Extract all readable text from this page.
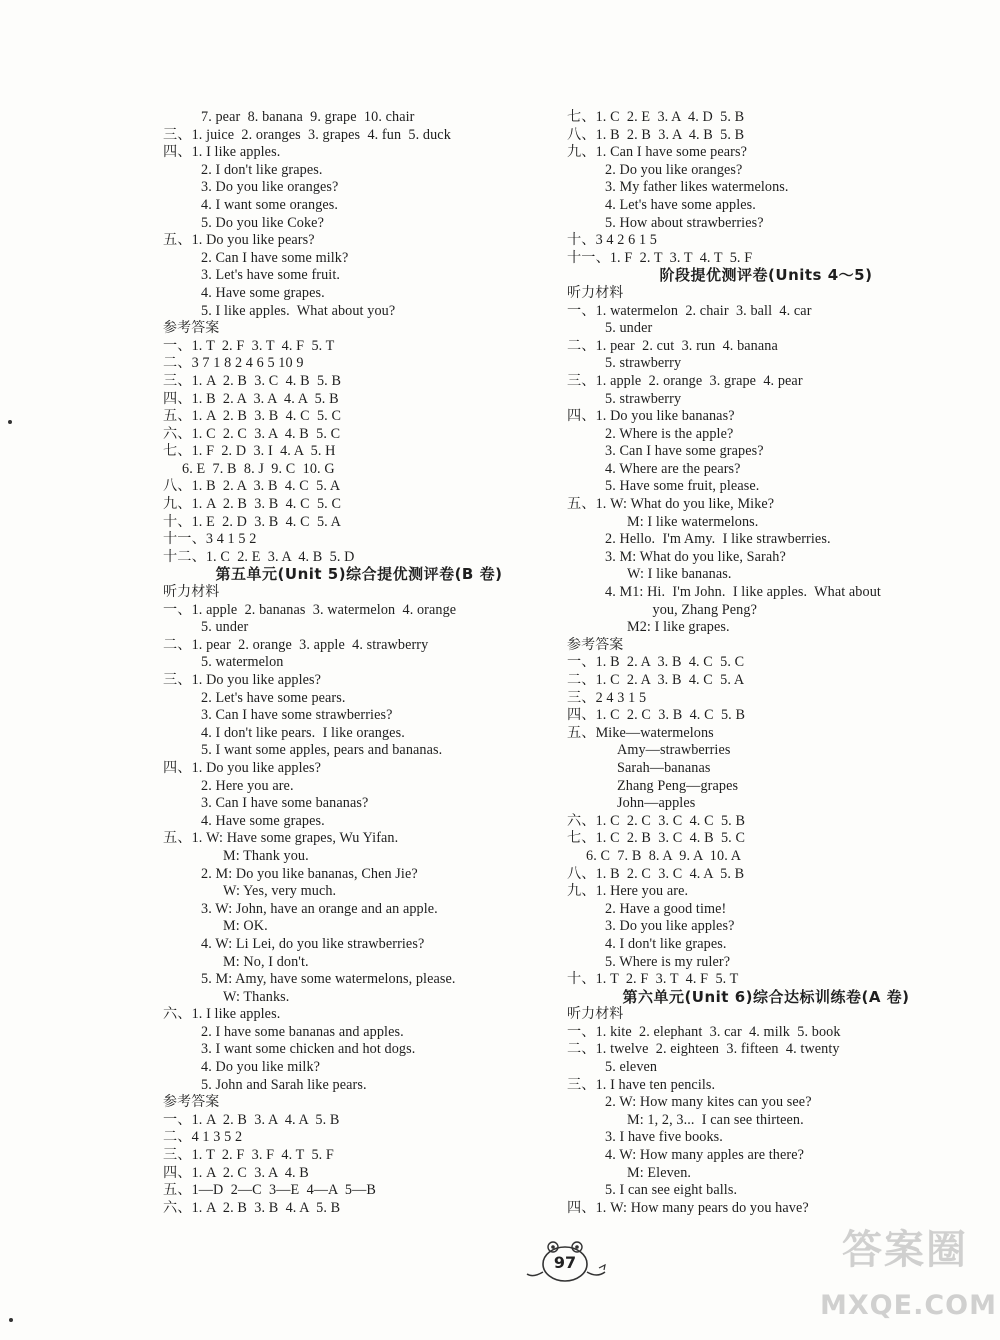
7. pear  8. banana  9. grape  10. chair
三、1. juice  2. oranges  3. grapes  4. fun  5. duck
四、1. I like apples.
2. I don't like grapes.
3. Do you like oranges?
4. I want some oranges.
5. Do you like Coke?
五、1. Do you like pears?
2. Can I have some milk?
3. Let's have some fruit.
4. Have some grapes.
5. I like apples.  What about you?
参考答案
一、1. T  2. F  3. T  4. F  5. T
二、3 7 1 8 2 4 6 5 10 9
三、1. A  2. B  3. C  4. B  5. B
四、1. B  2. A  3. A  4. A  5. B
五、1. A  2. B  3. B  4. C  5. C
六、1. C  2. C  3. A  4. B  5. C
七、1. F  2. D  3. I  4. A  5. H
6. E  7. B  8. J  9. C  10. G
八、1. B  2. A  3. B  4. C  5. A
九、1. A  2. B  3. B  4. C  5. C
十、1. E  2. D  3. B  4. C  5. A
十一、3 4 1 5 2
十二、1. C  2. E  3. A  4. B  5. D
第五单元(Unit 5)综合提优测评卷(B 卷)
听力材料
一、1. apple  2. bananas  3. watermelon  4. orange
5. under
二、1. pear  2. orange  3. apple  4. strawberry
5. watermelon
三、1. Do you like apples?
2. Let's have some pears.
3. Can I have some strawberries?
4. I don't like pears.  I like oranges.
5. I want some apples, pears and bananas.
四、1. Do you like apples?
2. Here you are.
3. Can I have some bananas?
4. Have some grapes.
五、1. W: Have some grapes, Wu Yifan.
M: Thank you.
2. M: Do you like bananas, Chen Jie?
W: Yes, very much.
3. W: John, have an orange and an apple.
M: OK.
4. W: Li Lei, do you like strawberries?
M: No, I don't.
5. M: Amy, have some watermelons, please.
W: Thanks.
六、1. I like apples.
2. I have some bananas and apples.
3. I want some chicken and hot dogs.
4. Do you like milk?
5. John and Sarah like pears.
参考答案
一、1. A  2. B  3. A  4. A  5. B
二、4 1 3 5 2
三、1. T  2. F  3. F  4. T  5. F
四、1. A  2. C  3. A  4. B
五、1—D  2—C  3—E  4—A  5—B
六、1. A  2. B  3. B  4. A  5. B
七、1. C  2. E  3. A  4. D  5. B
八、1. B  2. B  3. A  4. B  5. B
九、1. Can I have some pears?
2. Do you like oranges?
3. My father likes watermelons.
4. Let's have some apples.
5. How about strawberries?
十、3 4 2 6 1 5
十一、1. F  2. T  3. T  4. T  5. F
阶段提优测评卷(Units 4～5)
听力材料
一、1. watermelon  2. chair  3. ball  4. car
5. under
二、1. pear  2. cut  3. run  4. banana
5. strawberry
三、1. apple  2. orange  3. grape  4. pear
5. strawberry
四、1. Do you like bananas?
2. Where is the apple?
3. Can I have some grapes?
4. Where are the pears?
5. Have some fruit, please.
五、1. W: What do you like, Mike?
M: I like watermelons.
2. Hello.  I'm Amy.  I like strawberries.
3. M: What do you like, Sarah?
W: I like bananas.
4. M1: Hi.  I'm John.  I like apples.  What about
you, Zhang Peng?
M2: I like grapes.
参考答案
一、1. B  2. A  3. B  4. C  5. C
二、1. C  2. A  3. B  4. C  5. A
三、2 4 3 1 5
四、1. C  2. C  3. B  4. C  5. B
五、Mike—watermelons
Amy—strawberries
Sarah—bananas
Zhang Peng—grapes
John—apples
六、1. C  2. C  3. C  4. C  5. B
七、1. C  2. B  3. C  4. B  5. C
6. C  7. B  8. A  9. A  10. A
八、1. B  2. C  3. C  4. A  5. B
九、1. Here you are.
2. Have a good time!
3. Do you like apples?
4. I don't like grapes.
5. Where is my ruler?
十、1. T  2. F  3. T  4. F  5. T
第六单元(Unit 6)综合达标训练卷(A 卷)
听力材料
一、1. kite  2. elephant  3. car  4. milk  5. book
二、1. twelve  2. eighteen  3. fifteen  4. twenty
5. eleven
三、1. I have ten pencils.
2. W: How many kites can you see?
M: 1, 2, 3...  I can see thirteen.
3. I have five books.
4. W: How many apples are there?
M: Eleven.
5. I can see eight balls.
四、1. W: How many pears do you have?
97	答案圈
MXQE.COM
